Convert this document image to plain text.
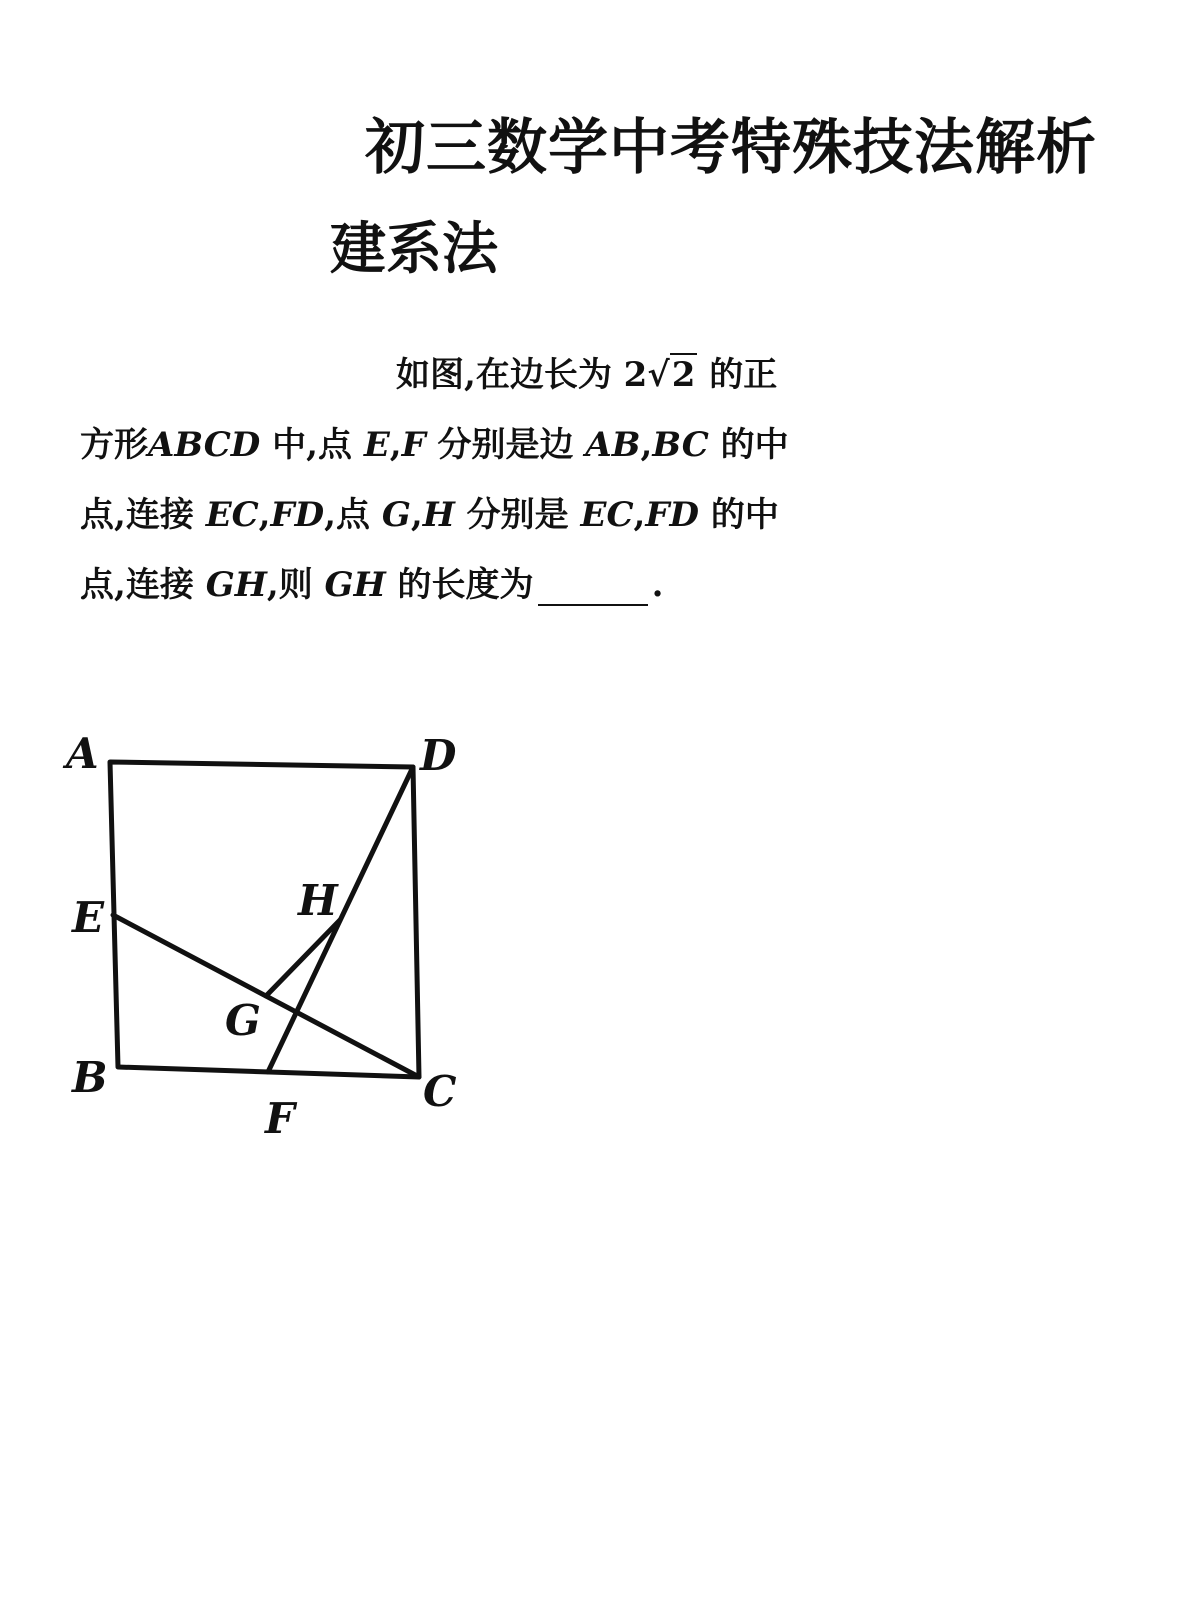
初三数学中考特殊技法解析
建系法
如图,在边长为 2√2 的正
方形ABCD 中,点 E,F 分别是边 AB,BC 的中
点,连接 EC,FD,点 G,H 分别是 EC,FD 的中
点,连接 GH,则 GH 的长度为	.
A	D
E	H
G
B	C
F
